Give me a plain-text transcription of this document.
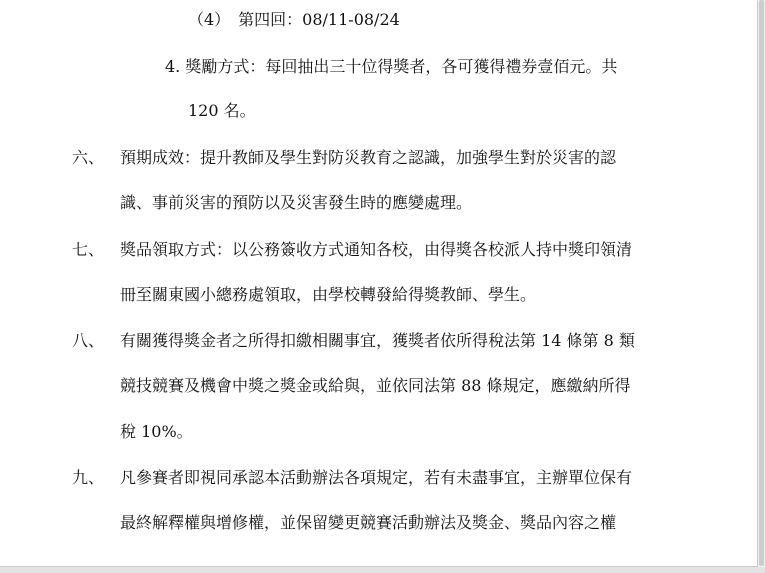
（4）　第四回：08/11-08/24
4. 獎勵方式：每回抽出三十位得獎者，各可獲得禮券壹佰元。共
120 名。
六、 預期成效：提升教師及學生對防災教育之認識，加強學生對於災害的認
識、事前災害的預防以及災害發生時的應變處理。
七、 獎品領取方式：以公務簽收方式通知各校，由得獎各校派人持中獎印領清
冊至關東國小總務處領取，由學校轉發給得獎教師、學生。
八、 有關獲得獎金者之所得扣繳相關事宜，獲獎者依所得稅法第 14 條第 8 類
競技競賽及機會中獎之獎金或給與，並依同法第 88 條規定，應繳納所得
稅 10%。
九、 凡參賽者即視同承認本活動辦法各項規定，若有未盡事宜，主辦單位保有
最終解釋權與增修權，並保留變更競賽活動辦法及獎金、獎品內容之權
